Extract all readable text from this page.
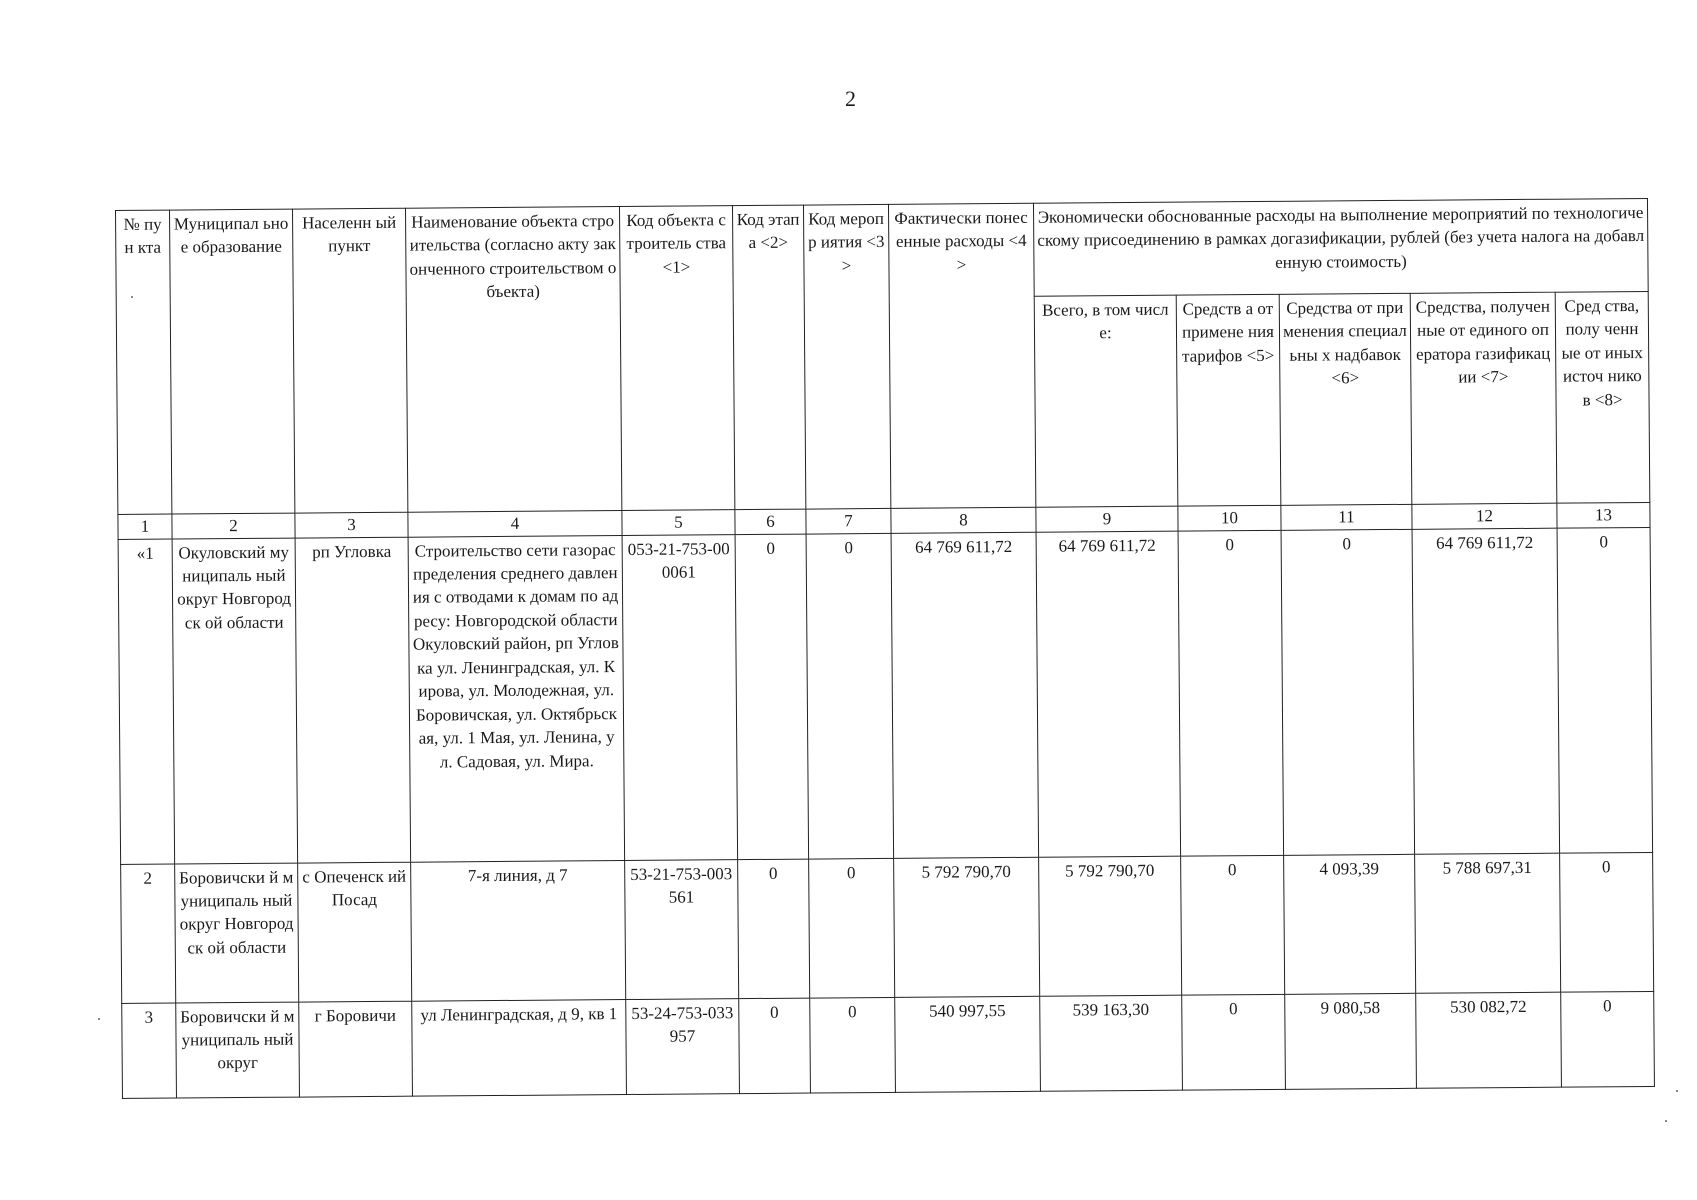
2
№ пун кта	Муниципал ьное образование	Населенн ый пункт	Наименование объекта строительства (согласно акту законченного строительством объекта)	Код объекта строитель ства <1>	Код этапа <2>	Код меропр иятия <3>	Фактически понесенные расходы <4>	Экономически обоснованные расходы на выполнение мероприятий по технологическому присоединению в рамках догазификации, рублей (без учета налога на добавленную стоимость)				
								Всего, в том числе:	Средств а от примене ния тарифов <5>	Средства от применения специальны х надбавок <6>	Средства, полученные от единого оператора газификации <7>	Сред ства, полу ченн ые от иных источ нико в <8>
1	2	3	4	5	6	7	8	9	10	11	12	13
«1	Окуловский муниципаль ный округ Новгородск ой области	рп Угловка	Строительство сети газораспределения среднего давления с отводами к домам по адресу: Новгородской области Окуловский район, рп Угловка ул. Ленинградская, ул. Кирова, ул. Молодежная, ул. Боровичская, ул. Октябрьская, ул. 1 Мая, ул. Ленина, ул. Садовая, ул. Мира.	053-21-753-000061	0	0	64 769 611,72	64 769 611,72	0	0	64 769 611,72	0
2	Боровичски й муниципаль ный округ Новгородск ой области	с Опеченск ий Посад	7-я линия, д 7	53-21-753-003561	0	0	5 792 790,70	5 792 790,70	0	4 093,39	5 788 697,31	0
3	Боровичски й муниципаль ный округ	г Боровичи	ул Ленинградская, д 9, кв 1	53-24-753-033957	0	0	540 997,55	539 163,30	0	9 080,58	530 082,72	0
